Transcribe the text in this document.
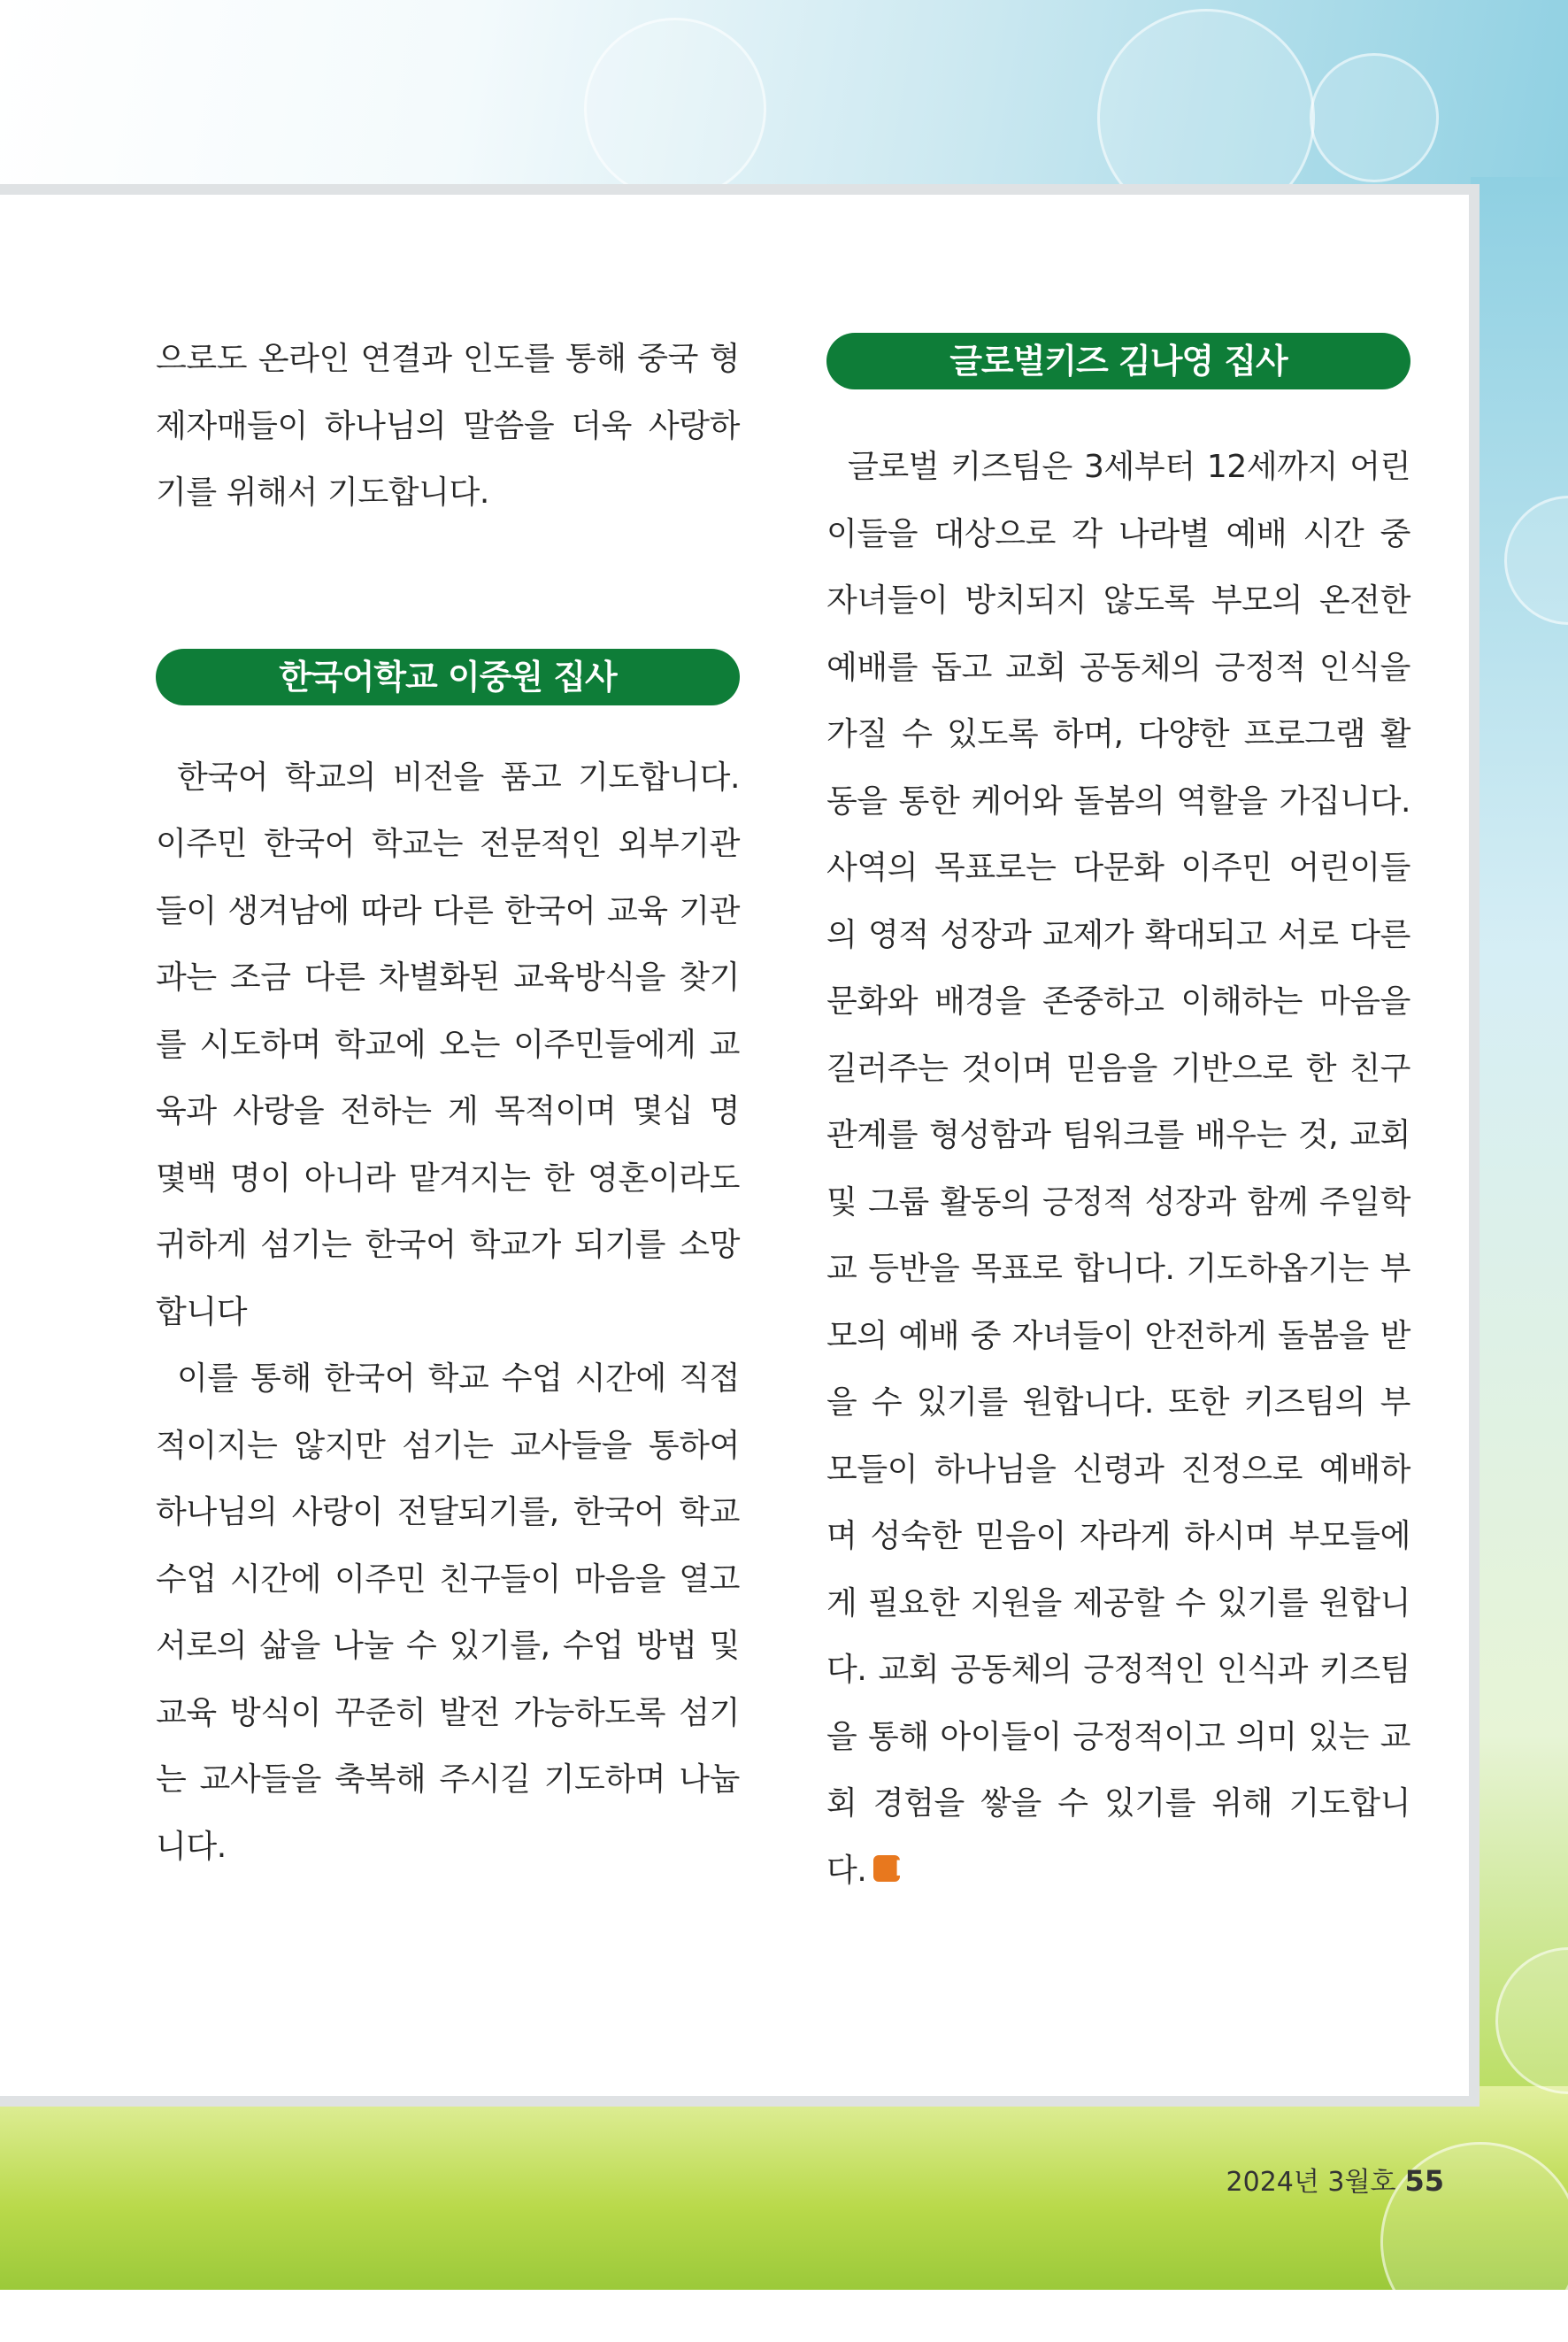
으로도 온라인 연결과 인도를 통해 중국 형제자매들이 하나님의 말씀을 더욱 사랑하기를 위해서 기도합니다.

한국어학교 이중원 집사

한국어 학교의 비전을 품고 기도합니다. 이주민 한국어 학교는 전문적인 외부기관들이 생겨남에 따라 다른 한국어 교육 기관과는 조금 다른 차별화된 교육방식을 찾기를 시도하며 학교에 오는 이주민들에게 교육과 사랑을 전하는 게 목적이며 몇십 명 몇백 명이 아니라 맡겨지는 한 영혼이라도 귀하게 섬기는 한국어 학교가 되기를 소망합니다

이를 통해 한국어 학교 수업 시간에 직접적이지는 않지만 섬기는 교사들을 통하여 하나님의 사랑이 전달되기를, 한국어 학교 수업 시간에 이주민 친구들이 마음을 열고 서로의 삶을 나눌 수 있기를, 수업 방법 및 교육 방식이 꾸준히 발전 가능하도록 섬기는 교사들을 축복해 주시길 기도하며 나눕니다.

글로벌키즈 김나영 집사

글로벌 키즈팀은 3세부터 12세까지 어린이들을 대상으로 각 나라별 예배 시간 중 자녀들이 방치되지 않도록 부모의 온전한 예배를 돕고 교회 공동체의 긍정적 인식을 가질 수 있도록 하며, 다양한 프로그램 활동을 통한 케어와 돌봄의 역할을 가집니다. 사역의 목표로는 다문화 이주민 어린이들의 영적 성장과 교제가 확대되고 서로 다른 문화와 배경을 존중하고 이해하는 마음을 길러주는 것이며 믿음을 기반으로 한 친구 관계를 형성함과 팀워크를 배우는 것, 교회 및 그룹 활동의 긍정적 성장과 함께 주일학교 등반을 목표로 합니다. 기도하옵기는 부모의 예배 중 자녀들이 안전하게 돌봄을 받을 수 있기를 원합니다. 또한 키즈팀의 부모들이 하나님을 신령과 진정으로 예배하며 성숙한 믿음이 자라게 하시며 부모들에게 필요한 지원을 제공할 수 있기를 원합니다. 교회 공동체의 긍정적인 인식과 키즈팀을 통해 아이들이 긍정적이고 의미 있는 교회 경험을 쌓을 수 있기를 위해 기도합니다. N

2024년 3월호 55
